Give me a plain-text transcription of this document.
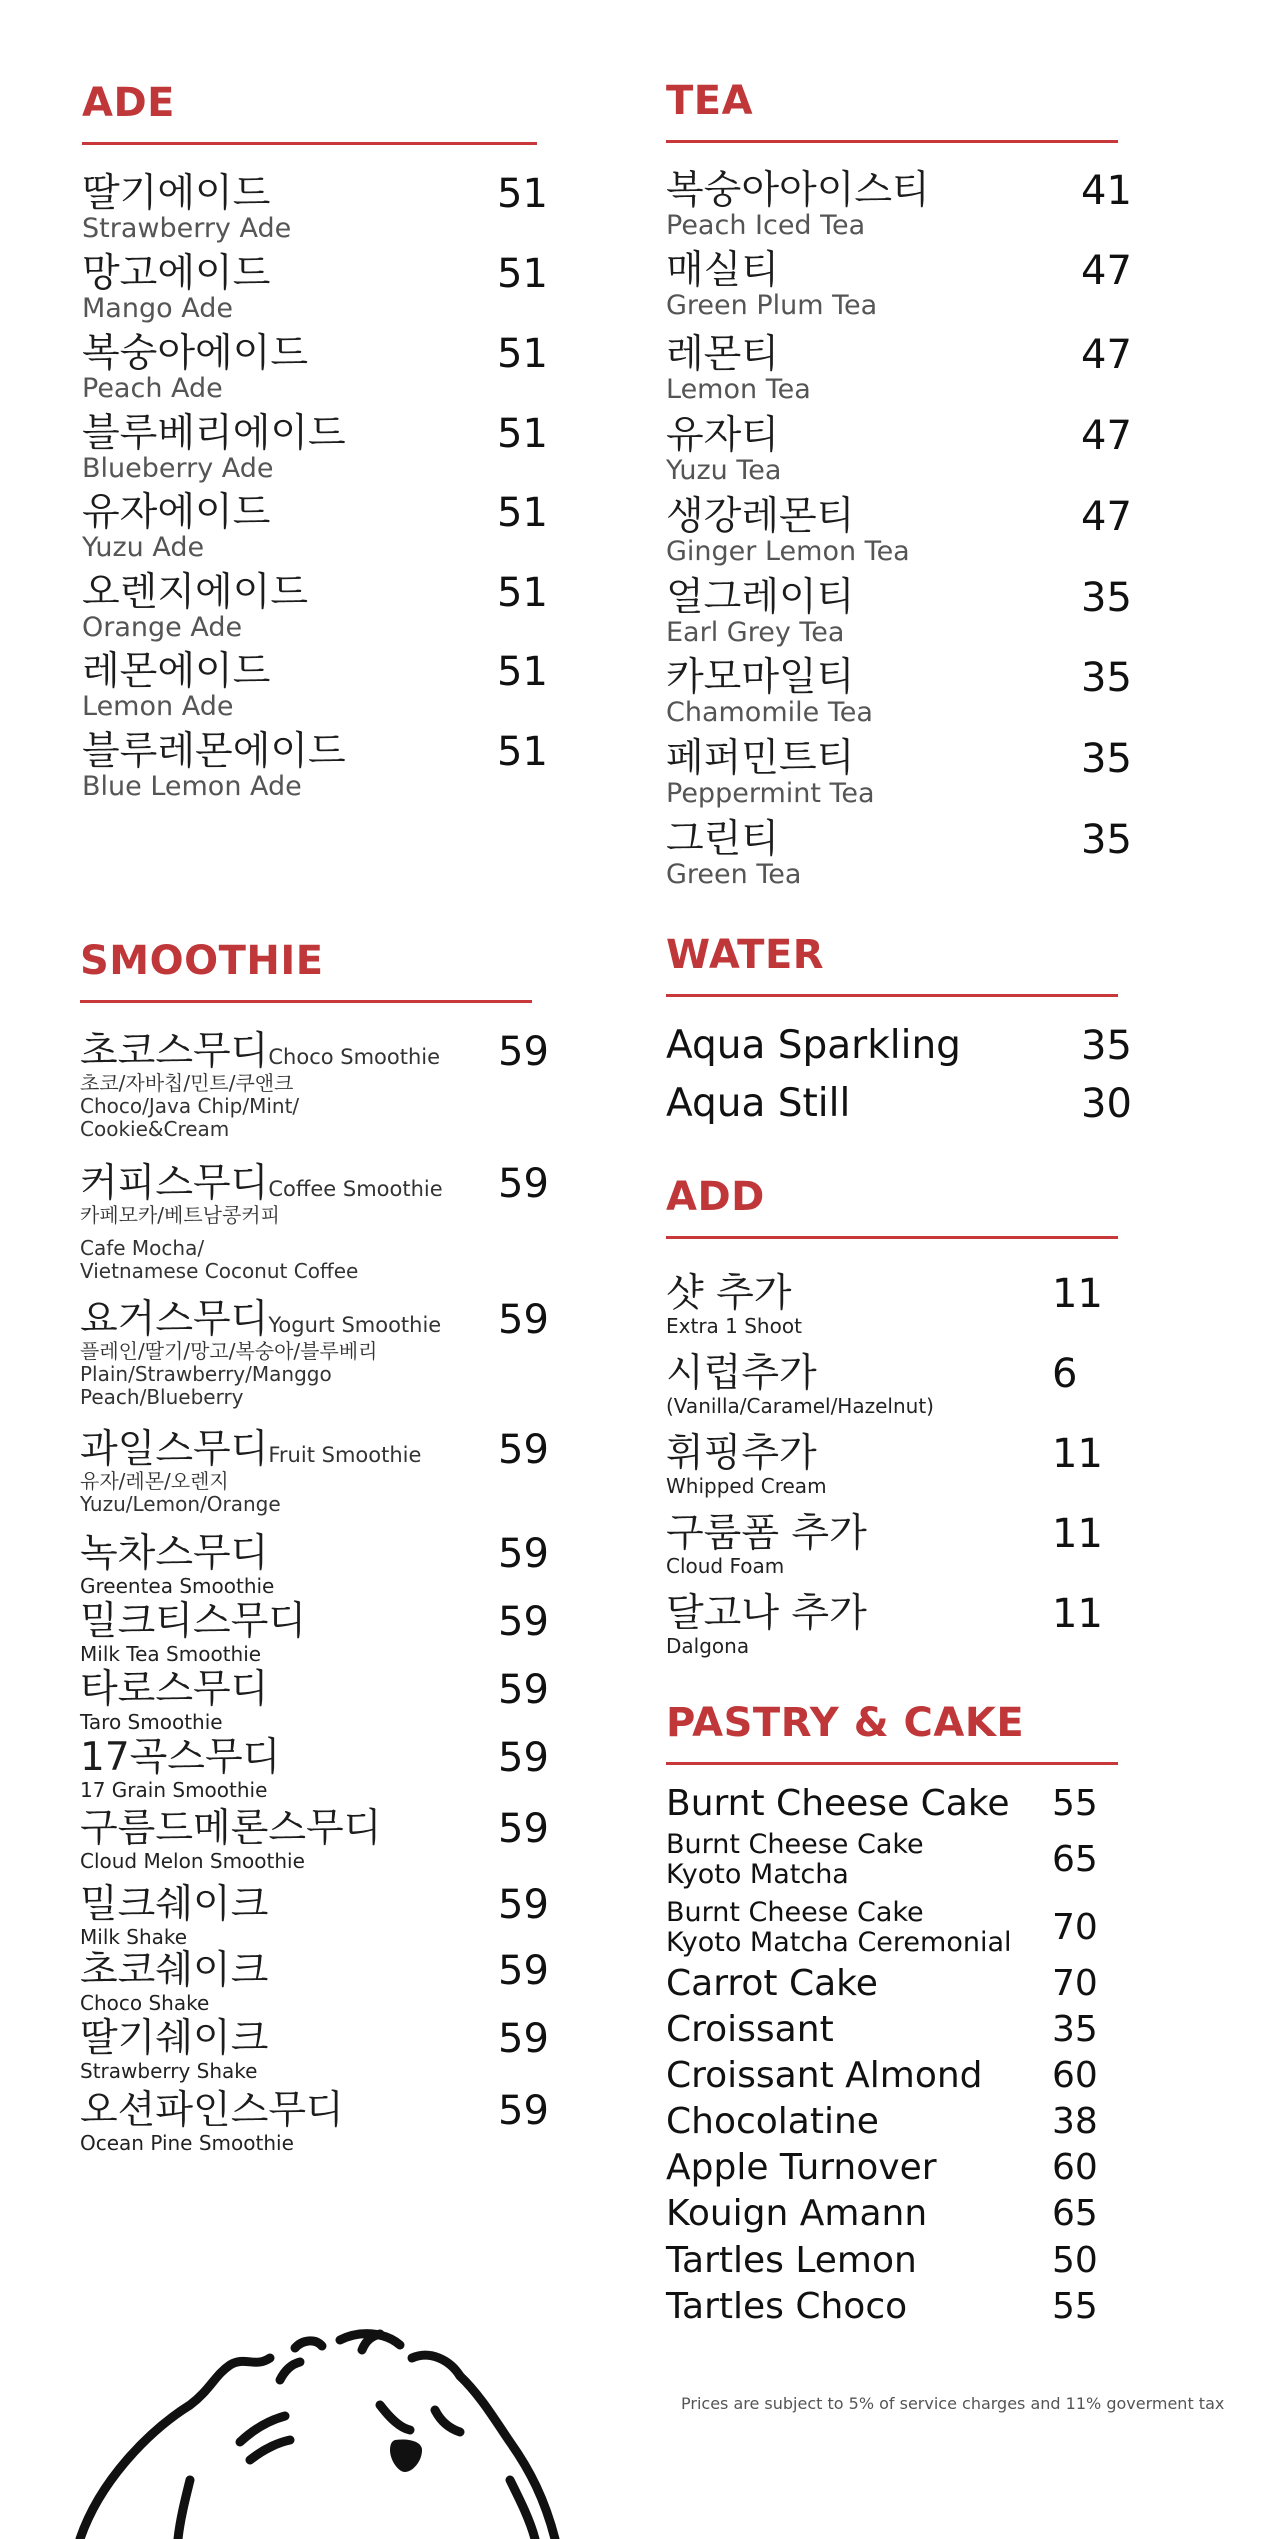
ADE
딸기에이드
Strawberry Ade
51
망고에이드
Mango Ade
51
복숭아에이드
Peach Ade
51
블루베리에이드
Blueberry Ade
51
유자에이드
Yuzu Ade
51
오렌지에이드
Orange Ade
51
레몬에이드
Lemon Ade
51
블루레몬에이드
Blue Lemon Ade
51
TEA
복숭아아이스티
Peach Iced Tea
41
매실티
Green Plum Tea
47
레몬티
Lemon Tea
47
유자티
Yuzu Tea
47
생강레몬티
Ginger Lemon Tea
47
얼그레이티
Earl Grey Tea
35
카모마일티
Chamomile Tea
35
페퍼민트티
Peppermint Tea
35
그린티
Green Tea
35
SMOOTHIE
초코스무디Choco Smoothie
초코/자바칩/민트/쿠앤크
Choco/Java Chip/Mint/
Cookie&Cream
59
커피스무디Coffee Smoothie
카페모카/베트남콩커피
Cafe Mocha/
Vietnamese Coconut Coffee
59
요거스무디Yogurt Smoothie
플레인/딸기/망고/복숭아/블루베리
Plain/Strawberry/Manggo
Peach/Blueberry
59
과일스무디Fruit Smoothie
유자/레몬/오렌지
Yuzu/Lemon/Orange
59
녹차스무디
Greentea Smoothie
59
밀크티스무디
Milk Tea Smoothie
59
타로스무디
Taro Smoothie
59
17곡스무디
17 Grain Smoothie
59
구름드메론스무디
Cloud Melon Smoothie
59
밀크쉐이크
Milk Shake
59
초코쉐이크
Choco Shake
59
딸기쉐이크
Strawberry Shake
59
오션파인스무디
Ocean Pine Smoothie
59
WATER
Aqua Sparkling	35
Aqua Still	30
ADD
샷 추가
Extra 1 Shoot
11
시럽추가
(Vanilla/Caramel/Hazelnut)
6
휘핑추가
Whipped Cream
11
구룸폼 추가
Cloud Foam
11
달고나 추가
Dalgona
11
PASTRY & CAKE
Burnt Cheese Cake	55
Burnt Cheese Cake
Kyoto Matcha	65
Burnt Cheese Cake
Kyoto Matcha Ceremonial	70
Carrot Cake	70
Croissant	35
Croissant Almond	60
Chocolatine	38
Apple Turnover	60
Kouign Amann	65
Tartles Lemon	50
Tartles Choco	55
Prices are subject to 5% of service charges and 11% goverment tax
